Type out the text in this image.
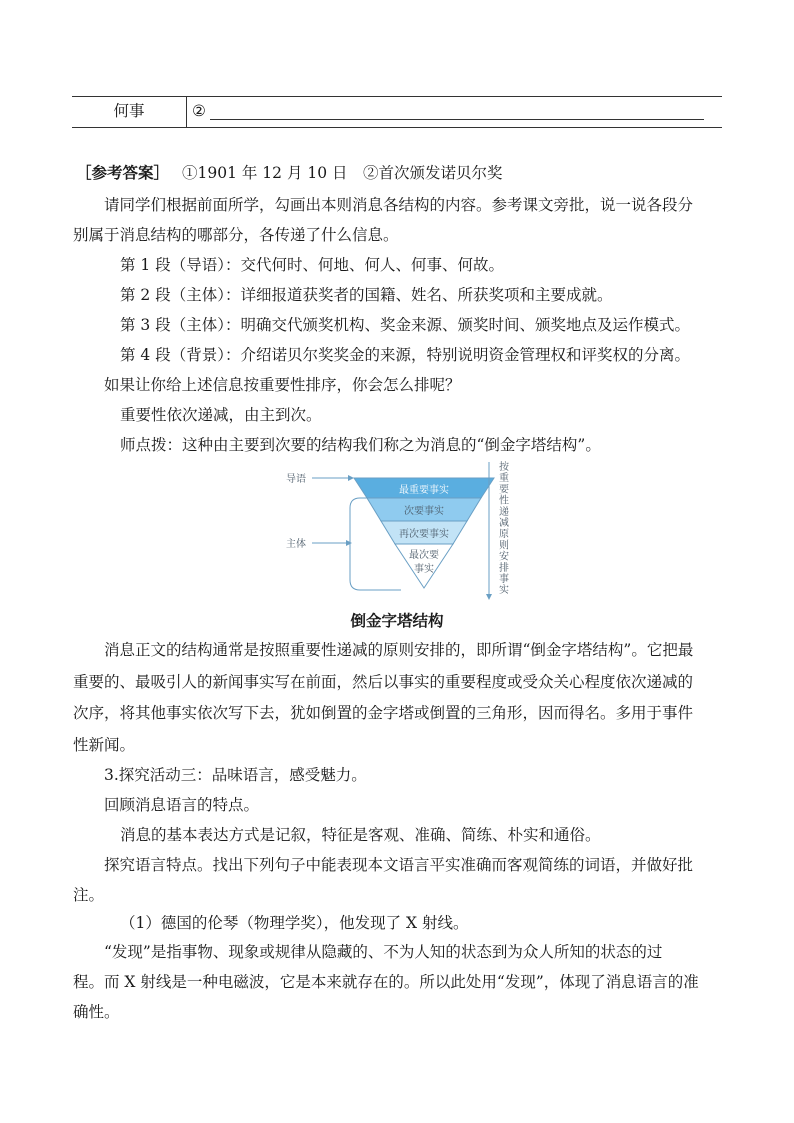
何事	②
［参考答案］ ①1901 年 12 月 10 日　②首次颁发诺贝尔奖
请同学们根据前面所学，勾画出本则消息各结构的内容。参考课文旁批，说一说各段分
别属于消息结构的哪部分，各传递了什么信息。
第 1 段（导语）：交代何时、何地、何人、何事、何故。
第 2 段（主体）：详细报道获奖者的国籍、姓名、所获奖项和主要成就。
第 3 段（主体）：明确交代颁奖机构、奖金来源、颁奖时间、颁奖地点及运作模式。
第 4 段（背景）：介绍诺贝尔奖奖金的来源，特别说明资金管理权和评奖权的分离。
如果让你给上述信息按重要性排序，你会怎么排呢？
重要性依次递减，由主到次。
师点拨：这种由主要到次要的结构我们称之为消息的“倒金字塔结构”。
最重要事实
次要事实
再次要事实
最次要
事实
导语
主体
按
重
要
性
递
减
原
则
安
排
事
实
倒金字塔结构
消息正文的结构通常是按照重要性递减的原则安排的，即所谓“倒金字塔结构”。它把最
重要的、最吸引人的新闻事实写在前面，然后以事实的重要程度或受众关心程度依次递减的
次序，将其他事实依次写下去，犹如倒置的金字塔或倒置的三角形，因而得名。多用于事件
性新闻。
3.探究活动三：品味语言，感受魅力。
回顾消息语言的特点。
消息的基本表达方式是记叙，特征是客观、准确、简练、朴实和通俗。
探究语言特点。找出下列句子中能表现本文语言平实准确而客观简练的词语，并做好批
注。
（1）德国的伦琴（物理学奖），他发现了 X 射线。
“发现”是指事物、现象或规律从隐藏的、不为人知的状态到为众人所知的状态的过
程。而 X 射线是一种电磁波，它是本来就存在的。所以此处用“发现”，体现了消息语言的准
确性。
